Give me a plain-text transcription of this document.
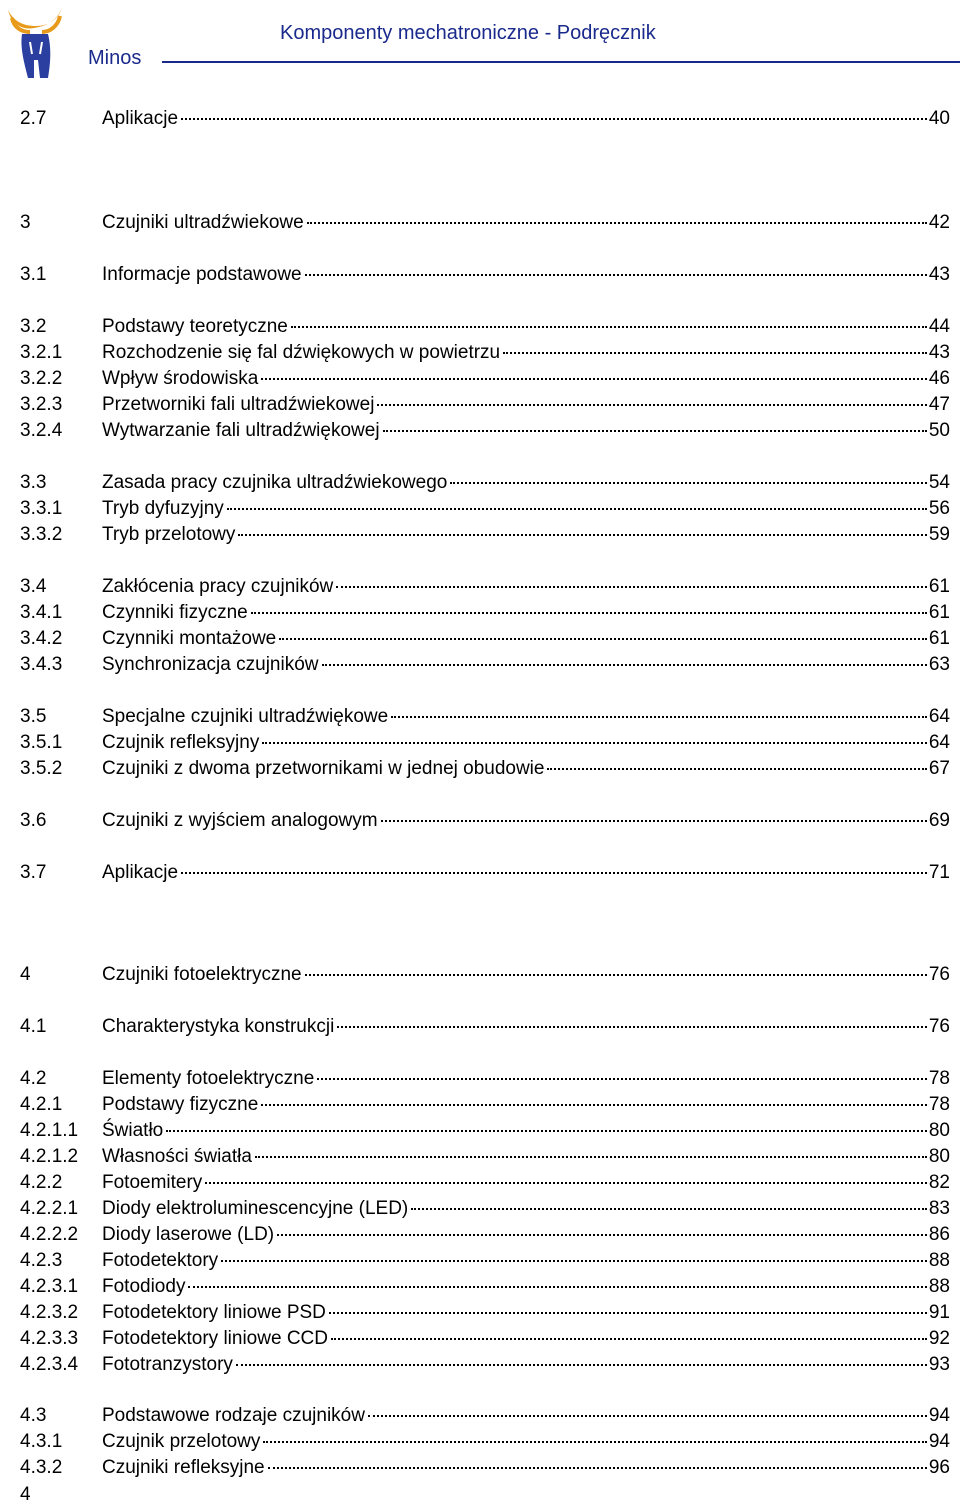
Minos
Komponenty mechatroniczne - Podręcznik
2.7	Aplikacje	40
3	Czujniki ultradźwiekowe	42
3.1	Informacje podstawowe	43
3.2	Podstawy teoretyczne	44
3.2.1 Rozchodzenie się fal dźwiękowych w powietrzu	43
3.2.2 Wpływ środowiska	46
3.2.3 Przetworniki fali ultradźwiekowej	47
3.2.4 Wytwarzanie fali ultradźwiękowej	50
3.3	Zasada pracy czujnika ultradźwiekowego	54
3.3.1 Tryb dyfuzyjny	56
3.3.2 Tryb przelotowy	59
3.4	Zakłócenia pracy czujników	61
3.4.1 Czynniki fizyczne	61
3.4.2 Czynniki montażowe	61
3.4.3 Synchronizacja czujników	63
3.5	Specjalne czujniki ultradźwiękowe	64
3.5.1 Czujnik refleksyjny	64
3.5.2 Czujniki z dwoma przetwornikami w jednej obudowie	67
3.6	Czujniki z wyjściem analogowym	69
3.7	Aplikacje	71
4	Czujniki fotoelektryczne	76
4.1	Charakterystyka konstrukcji	76
4.2	Elementy fotoelektryczne	78
4.2.1 Podstawy fizyczne	78
4.2.1.1 Światło	80
4.2.1.2 Własności światła	80
4.2.2 Fotoemitery	82
4.2.2.1 Diody elektroluminescencyjne (LED)	83
4.2.2.2 Diody laserowe (LD)	86
4.2.3 Fotodetektory	88
4.2.3.1 Fotodiody	88
4.2.3.2 Fotodetektory liniowe PSD	91
4.2.3.3 Fotodetektory liniowe CCD	92
4.2.3.4 Fototranzystory	93
4.3	Podstawowe rodzaje czujników	94
4.3.1 Czujnik przelotowy	94
4.3.2 Czujniki refleksyjne	96
4
